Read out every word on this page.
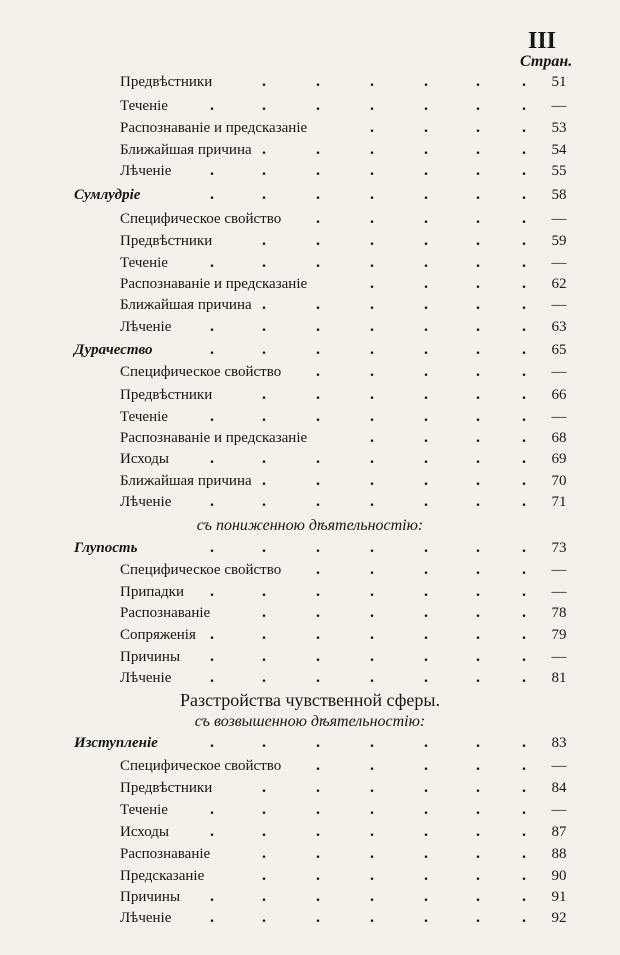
III
Стран.
.	.	.	.	.	.
Предвѣстники	51
.	.	.	.	.	.	.
Теченіе	—
.	.	.	.
Распознаваніе и предсказаніе	53
.	.	.	.	.	.
Ближайшая причина	54
.	.	.	.	.	.	.
Лѣченіе	55
.	.	.	.	.	.	.
Сумлудріе	58
.	.	.	.	.
Специфическое свойство	—
.	.	.	.	.	.
Предвѣстники	59
.	.	.	.	.	.	.
Теченіе	—
.	.	.	.
Распознаваніе и предсказаніе	62
.	.	.	.	.	.
Ближайшая причина	—
.	.	.	.	.	.	.
Лѣченіе	63
.	.	.	.	.	.	.
Дурачество	65
.	.	.	.	.
Специфическое свойство	—
.	.	.	.	.	.
Предвѣстники	66
.	.	.	.	.	.	.
Теченіе	—
.	.	.	.
Распознаваніе и предсказаніе	68
.	.	.	.	.	.	.
Исходы	69
.	.	.	.	.	.
Ближайшая причина	70
.	.	.	.	.	.	.
Лѣченіе	71
съ пониженною дѣятельностію:
.	.	.	.	.	.	.
Глупость	73
.	.	.	.	.
Специфическое свойство	—
.	.	.	.	.	.	.
Припадки	—
.	.	.	.	.	.
Распознаваніе	78
.	.	.	.	.	.	.
Сопряженія	79
.	.	.	.	.	.	.
Причины	—
.	.	.	.	.	.	.
Лѣченіе	81
Разстройства чувственной сферы.
съ возвышенною дѣятельностію:
.	.	.	.	.	.	.
Изступленіе	83
.	.	.	.	.
Специфическое свойство	—
.	.	.	.	.	.
Предвѣстники	84
.	.	.	.	.	.	.
Теченіе	—
.	.	.	.	.	.	.
Исходы	87
.	.	.	.	.	.
Распознаваніе	88
.	.	.	.	.	.
Предсказаніе	90
.	.	.	.	.	.	.
Причины	91
.	.	.	.	.	.	.
Лѣченіе	92
